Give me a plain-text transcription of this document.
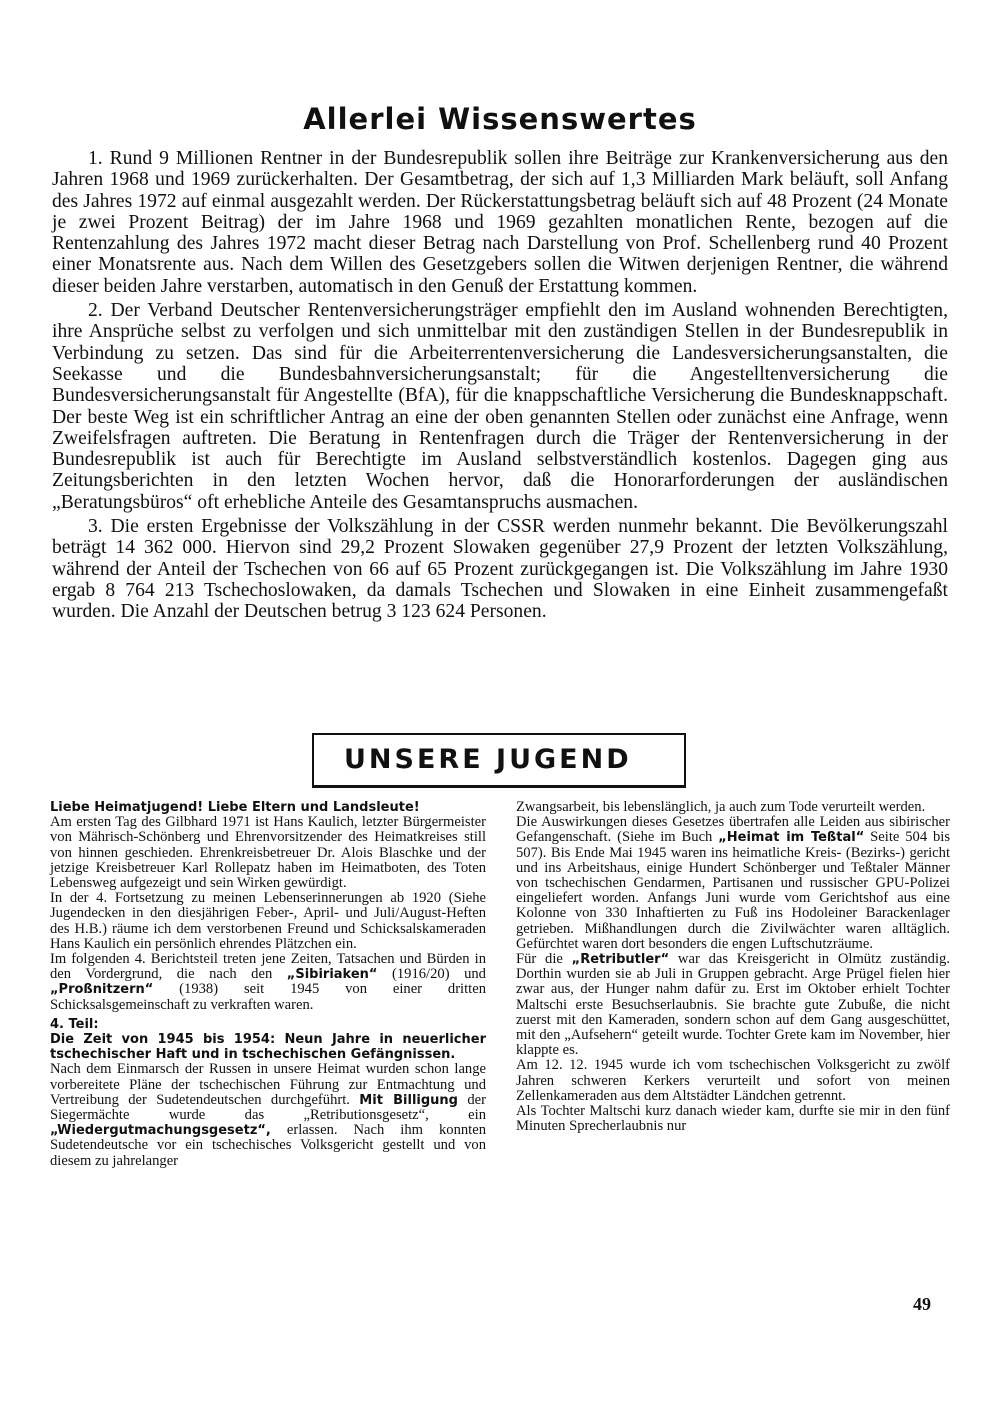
Allerlei Wissenswertes

1. Rund 9 Millionen Rentner in der Bundesrepublik sollen ihre Beiträge zur Krankenversicherung aus den Jahren 1968 und 1969 zurückerhalten. Der Gesamtbetrag, der sich auf 1,3 Milliarden Mark beläuft, soll Anfang des Jahres 1972 auf einmal ausgezahlt werden. Der Rückerstattungsbetrag beläuft sich auf 48 Prozent (24 Monate je zwei Prozent Beitrag) der im Jahre 1968 und 1969 gezahlten monatlichen Rente, bezogen auf die Rentenzahlung des Jahres 1972 macht dieser Betrag nach Darstellung von Prof. Schellenberg rund 40 Prozent einer Monatsrente aus. Nach dem Willen des Gesetzgebers sollen die Witwen derjenigen Rentner, die während dieser beiden Jahre verstarben, automatisch in den Genuß der Erstattung kommen.

2. Der Verband Deutscher Rentenversicherungsträger empfiehlt den im Ausland wohnenden Berechtigten, ihre Ansprüche selbst zu verfolgen und sich unmittelbar mit den zuständigen Stellen in der Bundesrepublik in Verbindung zu setzen. Das sind für die Arbeiterrentenversicherung die Landesversicherungsanstalten, die Seekasse und die Bundesbahnversicherungsanstalt; für die Angestelltenversicherung die Bundesversicherungsanstalt für Angestellte (BfA), für die knappschaftliche Versicherung die Bundesknappschaft. Der beste Weg ist ein schriftlicher Antrag an eine der oben genannten Stellen oder zunächst eine Anfrage, wenn Zweifelsfragen auftreten. Die Beratung in Rentenfragen durch die Träger der Rentenversicherung in der Bundesrepublik ist auch für Berechtigte im Ausland selbstverständlich kostenlos. Dagegen ging aus Zeitungsberichten in den letzten Wochen hervor, daß die Honorarforderungen der ausländischen „Beratungsbüros“ oft erhebliche Anteile des Gesamtanspruchs ausmachen.

3. Die ersten Ergebnisse der Volkszählung in der CSSR werden nunmehr bekannt. Die Bevölkerungszahl beträgt 14 362 000. Hiervon sind 29,2 Prozent Slowaken gegenüber 27,9 Prozent der letzten Volkszählung, während der Anteil der Tschechen von 66 auf 65 Prozent zurückgegangen ist. Die Volkszählung im Jahre 1930 ergab 8 764 213 Tschechoslowaken, da damals Tschechen und Slowaken in eine Einheit zusammengefaßt wurden. Die Anzahl der Deutschen betrug 3 123 624 Personen.

UNSERE JUGEND

Liebe Heimatjugend! Liebe Eltern und Landsleute!

Am ersten Tag des Gilbhard 1971 ist Hans Kaulich, letzter Bürgermeister von Mährisch-Schönberg und Ehrenvorsitzender des Heimatkreises still von hinnen geschieden. Ehrenkreisbetreuer Dr. Alois Blaschke und der jetzige Kreisbetreuer Karl Rollepatz haben im Heimatboten, des Toten Lebensweg aufgezeigt und sein Wirken gewürdigt.

In der 4. Fortsetzung zu meinen Lebenserinnerungen ab 1920 (Siehe Jugendecken in den diesjährigen Feber-, April- und Juli/August-Heften des H.B.) räume ich dem verstorbenen Freund und Schicksalskameraden Hans Kaulich ein persönlich ehrendes Plätzchen ein.

Im folgenden 4. Berichtsteil treten jene Zeiten, Tatsachen und Bürden in den Vordergrund, die nach den „Sibiriaken“ (1916/20) und „Proßnitzern“ (1938) seit 1945 von einer dritten Schicksalsgemeinschaft zu verkraften waren.

4. Teil:

Die Zeit von 1945 bis 1954: Neun Jahre in neuerlicher tschechischer Haft und in tschechischen Gefängnissen.

Nach dem Einmarsch der Russen in unsere Heimat wurden schon lange vorbereitete Pläne der tschechischen Führung zur Entmachtung und Vertreibung der Sudetendeutschen durchgeführt. Mit Billigung der Siegermächte wurde das „Retributionsgesetz“, ein „Wiedergutmachungsgesetz“, erlassen. Nach ihm konnten Sudetendeutsche vor ein tschechisches Volksgericht gestellt und von diesem zu jahrelanger

Zwangsarbeit, bis lebenslänglich, ja auch zum Tode verurteilt werden.

Die Auswirkungen dieses Gesetzes übertrafen alle Leiden aus sibirischer Gefangenschaft. (Siehe im Buch „Heimat im Teßtal“ Seite 504 bis 507). Bis Ende Mai 1945 waren ins heimatliche Kreis- (Bezirks-) gericht und ins Arbeitshaus, einige Hundert Schönberger und Teßtaler Männer von tschechischen Gendarmen, Partisanen und russischer GPU-Polizei eingeliefert worden. Anfangs Juni wurde vom Gerichtshof aus eine Kolonne von 330 Inhaftierten zu Fuß ins Hodoleiner Barackenlager getrieben. Mißhandlungen durch die Zivilwächter waren alltäglich. Gefürchtet waren dort besonders die engen Luftschutzräume.

Für die „Retributler“ war das Kreisgericht in Olmütz zuständig. Dorthin wurden sie ab Juli in Gruppen gebracht. Arge Prügel fielen hier zwar aus, der Hunger nahm dafür zu. Erst im Oktober erhielt Tochter Maltschi erste Besuchserlaubnis. Sie brachte gute Zubuße, die nicht zuerst mit den Kameraden, sondern schon auf dem Gang ausgeschüttet, mit den „Aufsehern“ geteilt wurde. Tochter Grete kam im November, hier klappte es.

Am 12. 12. 1945 wurde ich vom tschechischen Volksgericht zu zwölf Jahren schweren Kerkers verurteilt und sofort von meinen Zellenkameraden aus dem Altstädter Ländchen getrennt.

Als Tochter Maltschi kurz danach wieder kam, durfte sie mir in den fünf Minuten Sprecherlaubnis nur

49
